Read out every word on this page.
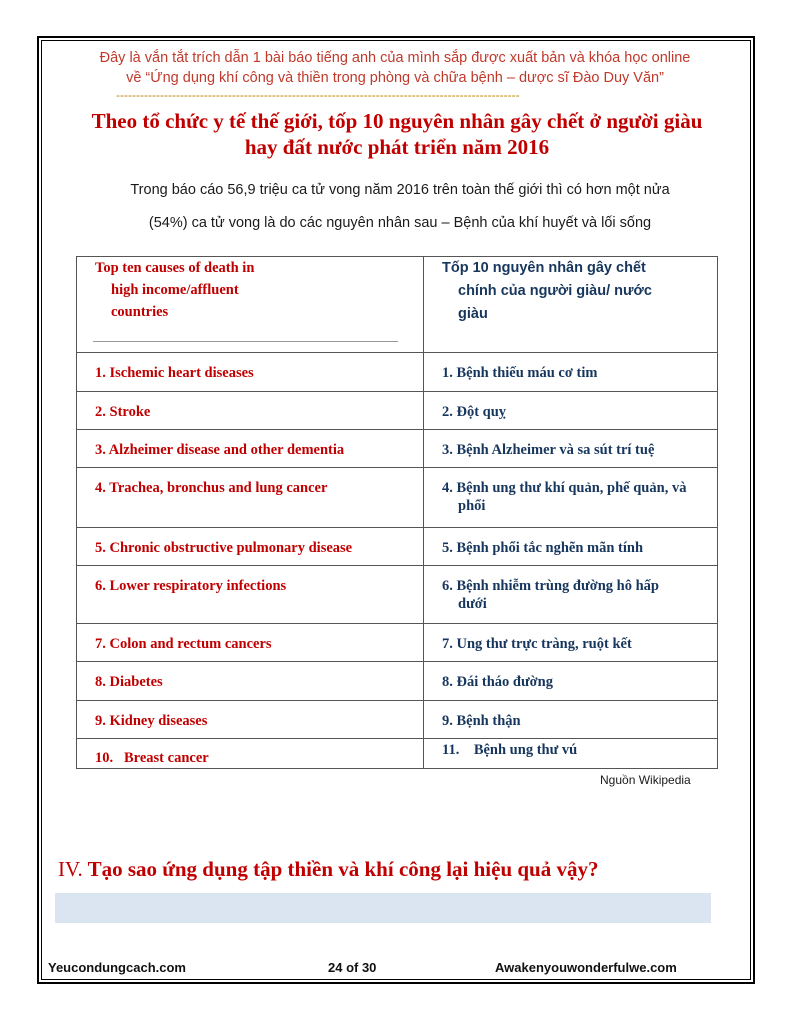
Đây là vắn tắt trích dẫn 1 bài báo tiếng anh của mình sắp được xuất bản và khóa học online
về “Ứng dụng khí công và thiền trong phòng và chữa bệnh – dược sĩ Đào Duy Văn”
-----------------------------------------------------------------------------------------------------
Theo tổ chức y tế thế giới, tốp 10 nguyên nhân gây chết ở người giàu
hay đất nước phát triển năm 2016
Trong báo cáo 56,9 triệu ca tử vong năm 2016 trên toàn thế giới thì có hơn một nửa
(54%) ca tử vong là do các nguyên nhân sau – Bệnh của khí huyết và lối sống
Top ten causes of death in
high income/affluent
countries	Tốp 10 nguyên nhân gây chết
chính của người giàu/ nước
giàu

1. Ischemic heart diseases	1. Bệnh thiếu máu cơ tim

2. Stroke	2. Đột quỵ

3. Alzheimer disease and other dementia	3. Bệnh Alzheimer và sa sút trí tuệ

4. Trachea, bronchus and lung cancer	4. Bệnh ung thư khí quản, phế quản, và
phổi

5. Chronic obstructive pulmonary disease	5. Bệnh phổi tắc nghẽn mãn tính

6. Lower respiratory infections	6. Bệnh nhiễm trùng đường hô hấp
dưới

7. Colon and rectum cancers	7. Ung thư trực tràng, ruột kết

8. Diabetes	8. Đái tháo đường

9. Kidney diseases	9. Bệnh thận

10.   Breast cancer	11.    Bệnh ung thư vú
Nguồn Wikipedia
IV. Tạo sao ứng dụng tập thiền và khí công lại hiệu quả vậy?
Yeucondungcach.com	24 of 30	Awakenyouwonderfulwe.com
